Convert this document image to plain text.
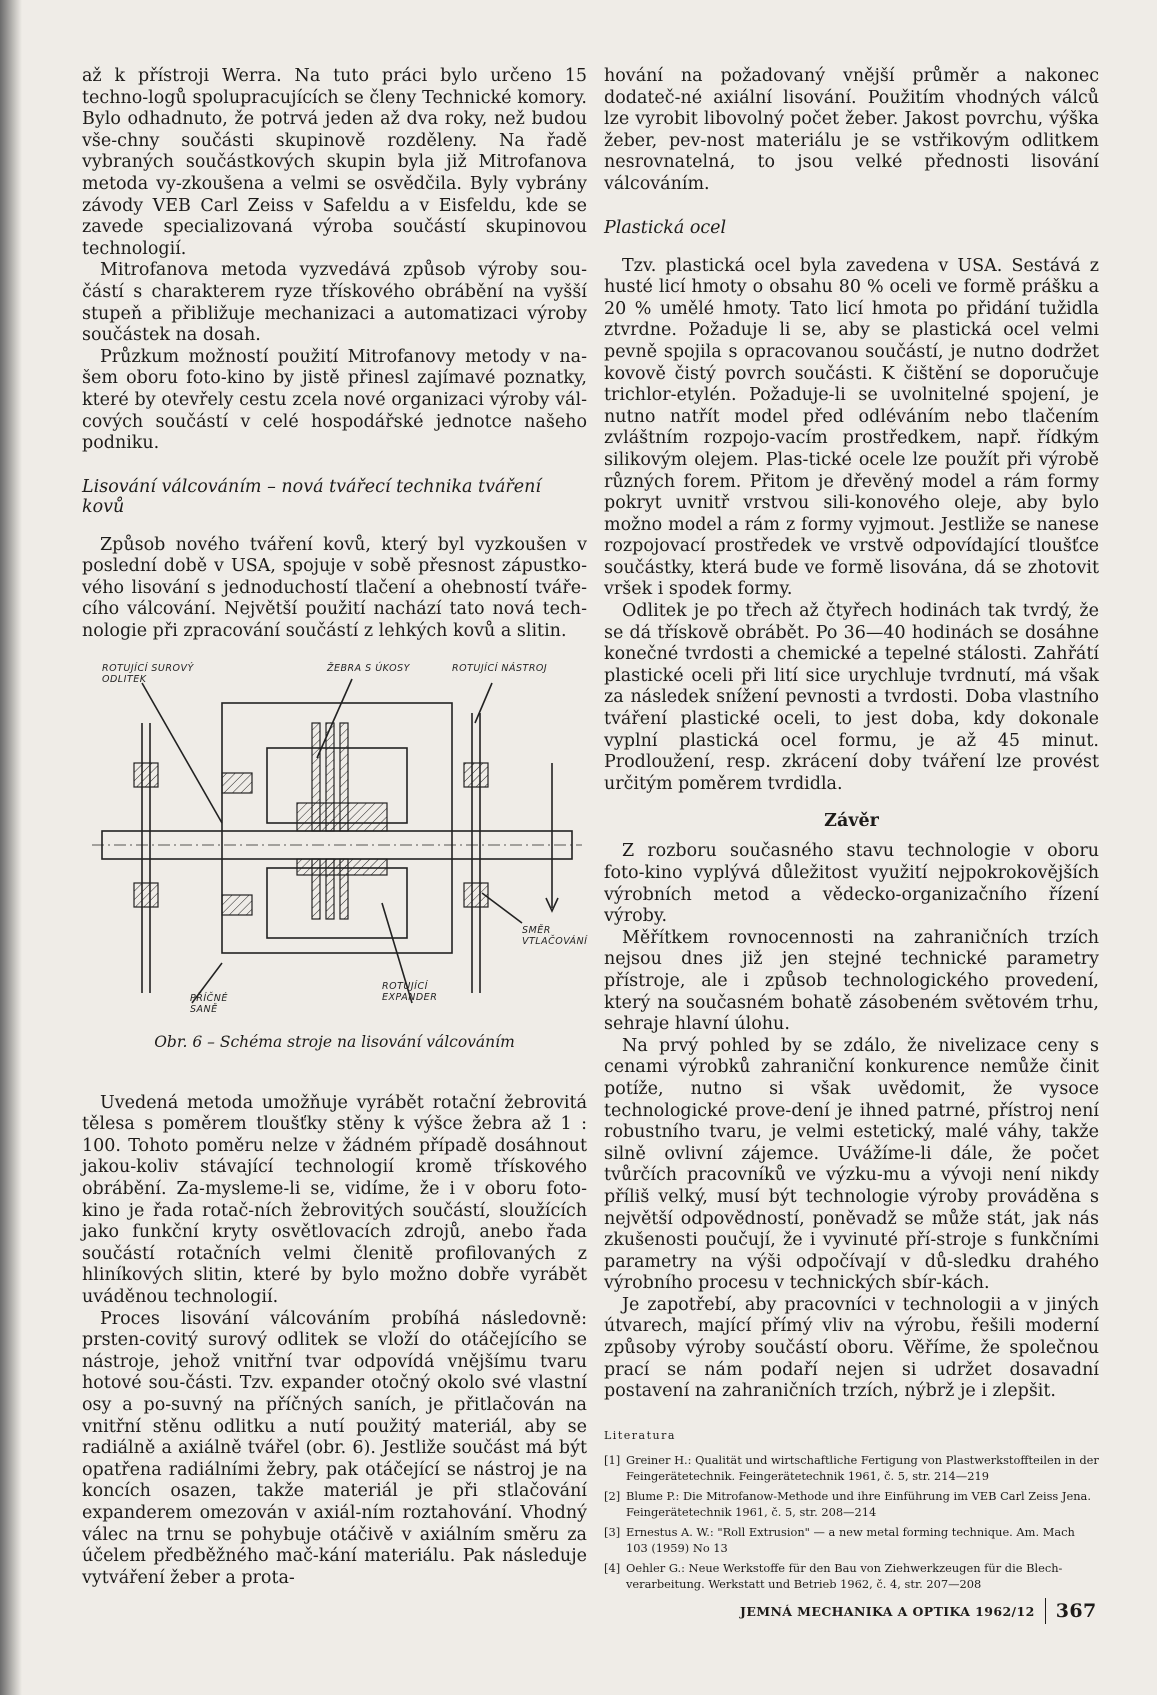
až k přístroji Werra. Na tuto práci bylo určeno 15 techno-logů spolupracujících se členy Technické komory. Bylo odhadnuto, že potrvá jeden až dva roky, než budou vše-chny součásti skupinově rozděleny. Na řadě vybraných součástkových skupin byla již Mitrofanova metoda vy-zkoušena a velmi se osvědčila. Byly vybrány závody VEB Carl Zeiss v Safeldu a v Eisfeldu, kde se zavede specializovaná výroba součástí skupinovou technologií.

Mitrofanova metoda vyzvedává způsob výroby sou-částí s charakterem ryze třískového obrábění na vyšší stupeň a přibližuje mechanizaci a automatizaci výroby součástek na dosah.

Průzkum možností použití Mitrofanovy metody v na-šem oboru foto-kino by jistě přinesl zajímavé poznatky, které by otevřely cestu zcela nové organizaci výroby vál-cových součástí v celé hospodářské jednotce našeho podniku.

Lisování válcováním – nová tvářecí technika tváření kovů

Způsob nového tváření kovů, který byl vyzkoušen v poslední době v USA, spojuje v sobě přesnost zápustko-vého lisování s jednoduchostí tlačení a ohebností tváře-cího válcování. Největší použití nachází tato nová tech-nologie při zpracování součástí z lehkých kovů a slitin.

ROTUJÍCÍ SUROVÝ ODLITEK
ŽEBRA S ÚKOSY	ROTUJÍCÍ NÁSTROJ
SMĚR VTLAČOVÁNÍ
ROTUJÍCÍ EXPANDER
PŘÍČNÉ SANĚ
Obr. 6 – Schéma stroje na lisování válcováním

Uvedená metoda umožňuje vyrábět rotační žebrovitá tělesa s poměrem tloušťky stěny k výšce žebra až 1 : 100. Tohoto poměru nelze v žádném případě dosáhnout jakou-koliv stávající technologií kromě třískového obrábění. Za-mysleme-li se, vidíme, že i v oboru foto-kino je řada rotač-ních žebrovitých součástí, sloužících jako funkční kryty osvětlovacích zdrojů, anebo řada součástí rotačních velmi členitě profilovaných z hliníkových slitin, které by bylo možno dobře vyrábět uváděnou technologií.

Proces lisování válcováním probíhá následovně: prsten-covitý surový odlitek se vloží do otáčejícího se nástroje, jehož vnitřní tvar odpovídá vnějšímu tvaru hotové sou-části. Tzv. expander otočný okolo své vlastní osy a po-suvný na příčných saních, je přitlačován na vnitřní stěnu odlitku a nutí použitý materiál, aby se radiálně a axiálně tvářel (obr. 6). Jestliže součást má být opatřena radiálními žebry, pak otáčející se nástroj je na koncích osazen, takže materiál je při stlačování expanderem omezován v axiál-ním roztahování. Vhodný válec na trnu se pohybuje otáčivě v axiálním směru za účelem předběžného mač-kání materiálu. Pak následuje vytváření žeber a prota-

hování na požadovaný vnější průměr a nakonec dodateč-né axiální lisování. Použitím vhodných válců lze vyrobit libovolný počet žeber. Jakost povrchu, výška žeber, pev-nost materiálu je se vstřikovým odlitkem nesrovnatelná, to jsou velké přednosti lisování válcováním.

Plastická ocel

Tzv. plastická ocel byla zavedena v USA. Sestává z husté licí hmoty o obsahu 80 % oceli ve formě prášku a 20 % umělé hmoty. Tato licí hmota po přidání tužidla ztvrdne. Požaduje li se, aby se plastická ocel velmi pevně spojila s opracovanou součástí, je nutno dodržet kovově čistý povrch součásti. K čištění se doporučuje trichlor-etylén. Požaduje-li se uvolnitelné spojení, je nutno natřít model před odléváním nebo tlačením zvláštním rozpojo-vacím prostředkem, např. řídkým silikovým olejem. Plas-tické ocele lze použít při výrobě různých forem. Přitom je dřevěný model a rám formy pokryt uvnitř vrstvou sili-konového oleje, aby bylo možno model a rám z formy vyjmout. Jestliže se nanese rozpojovací prostředek ve vrstvě odpovídající tloušťce součástky, která bude ve formě lisována, dá se zhotovit vršek i spodek formy.

Odlitek je po třech až čtyřech hodinách tak tvrdý, že se dá třískově obrábět. Po 36—40 hodinách se dosáhne konečné tvrdosti a chemické a tepelné stálosti. Zahřátí plastické oceli při lití sice urychluje tvrdnutí, má však za následek snížení pevnosti a tvrdosti. Doba vlastního tváření plastické oceli, to jest doba, kdy dokonale vyplní plastická ocel formu, je až 45 minut. Prodloužení, resp. zkrácení doby tváření lze provést určitým poměrem tvrdidla.

Závěr

Z rozboru současného stavu technologie v oboru foto-kino vyplývá důležitost využití nejpokrokovějších výrobních metod a vědecko-organizačního řízení výroby.

Měřítkem rovnocennosti na zahraničních trzích nejsou dnes již jen stejné technické parametry přístroje, ale i způsob technologického provedení, který na současném bohatě zásobeném světovém trhu, sehraje hlavní úlohu.

Na prvý pohled by se zdálo, že nivelizace ceny s cenami výrobků zahraniční konkurence nemůže činit potíže, nutno si však uvědomit, že vysoce technologické prove-dení je ihned patrné, přístroj není robustního tvaru, je velmi estetický, malé váhy, takže silně ovlivní zájemce. Uvážíme-li dále, že počet tvůrčích pracovníků ve výzku-mu a vývoji není nikdy příliš velký, musí být technologie výroby prováděna s největší odpovědností, poněvadž se může stát, jak nás zkušenosti poučují, že i vyvinuté pří-stroje s funkčními parametry na výši odpočívají v dů-sledku drahého výrobního procesu v technických sbír-kách.

Je zapotřebí, aby pracovníci v technologii a v jiných útvarech, mající přímý vliv na výrobu, řešili moderní způsoby výroby součástí oboru. Věříme, že společnou prací se nám podaří nejen si udržet dosavadní postavení na zahraničních trzích, nýbrž je i zlepšit.

Literatura
[1] Greiner H.: Qualität und wirtschaftliche Fertigung von Plastwerkstoffteilen in der Feingerätetechnik. Feingerätetechnik 1961, č. 5, str. 214—219
[2] Blume P.: Die Mitrofanow-Methode und ihre Einführung im VEB Carl Zeiss Jena. Feingerätetechnik 1961, č. 5, str. 208—214
[3] Ernestus A. W.: "Roll Extrusion" — a new metal forming technique. Am. Mach 103 (1959) No 13
[4] Oehler G.: Neue Werkstoffe für den Bau von Ziehwerkzeugen für die Blech-verarbeitung. Werkstatt und Betrieb 1962, č. 4, str. 207—208
JEMNÁ MECHANIKA A OPTIKA 1962/12 367
